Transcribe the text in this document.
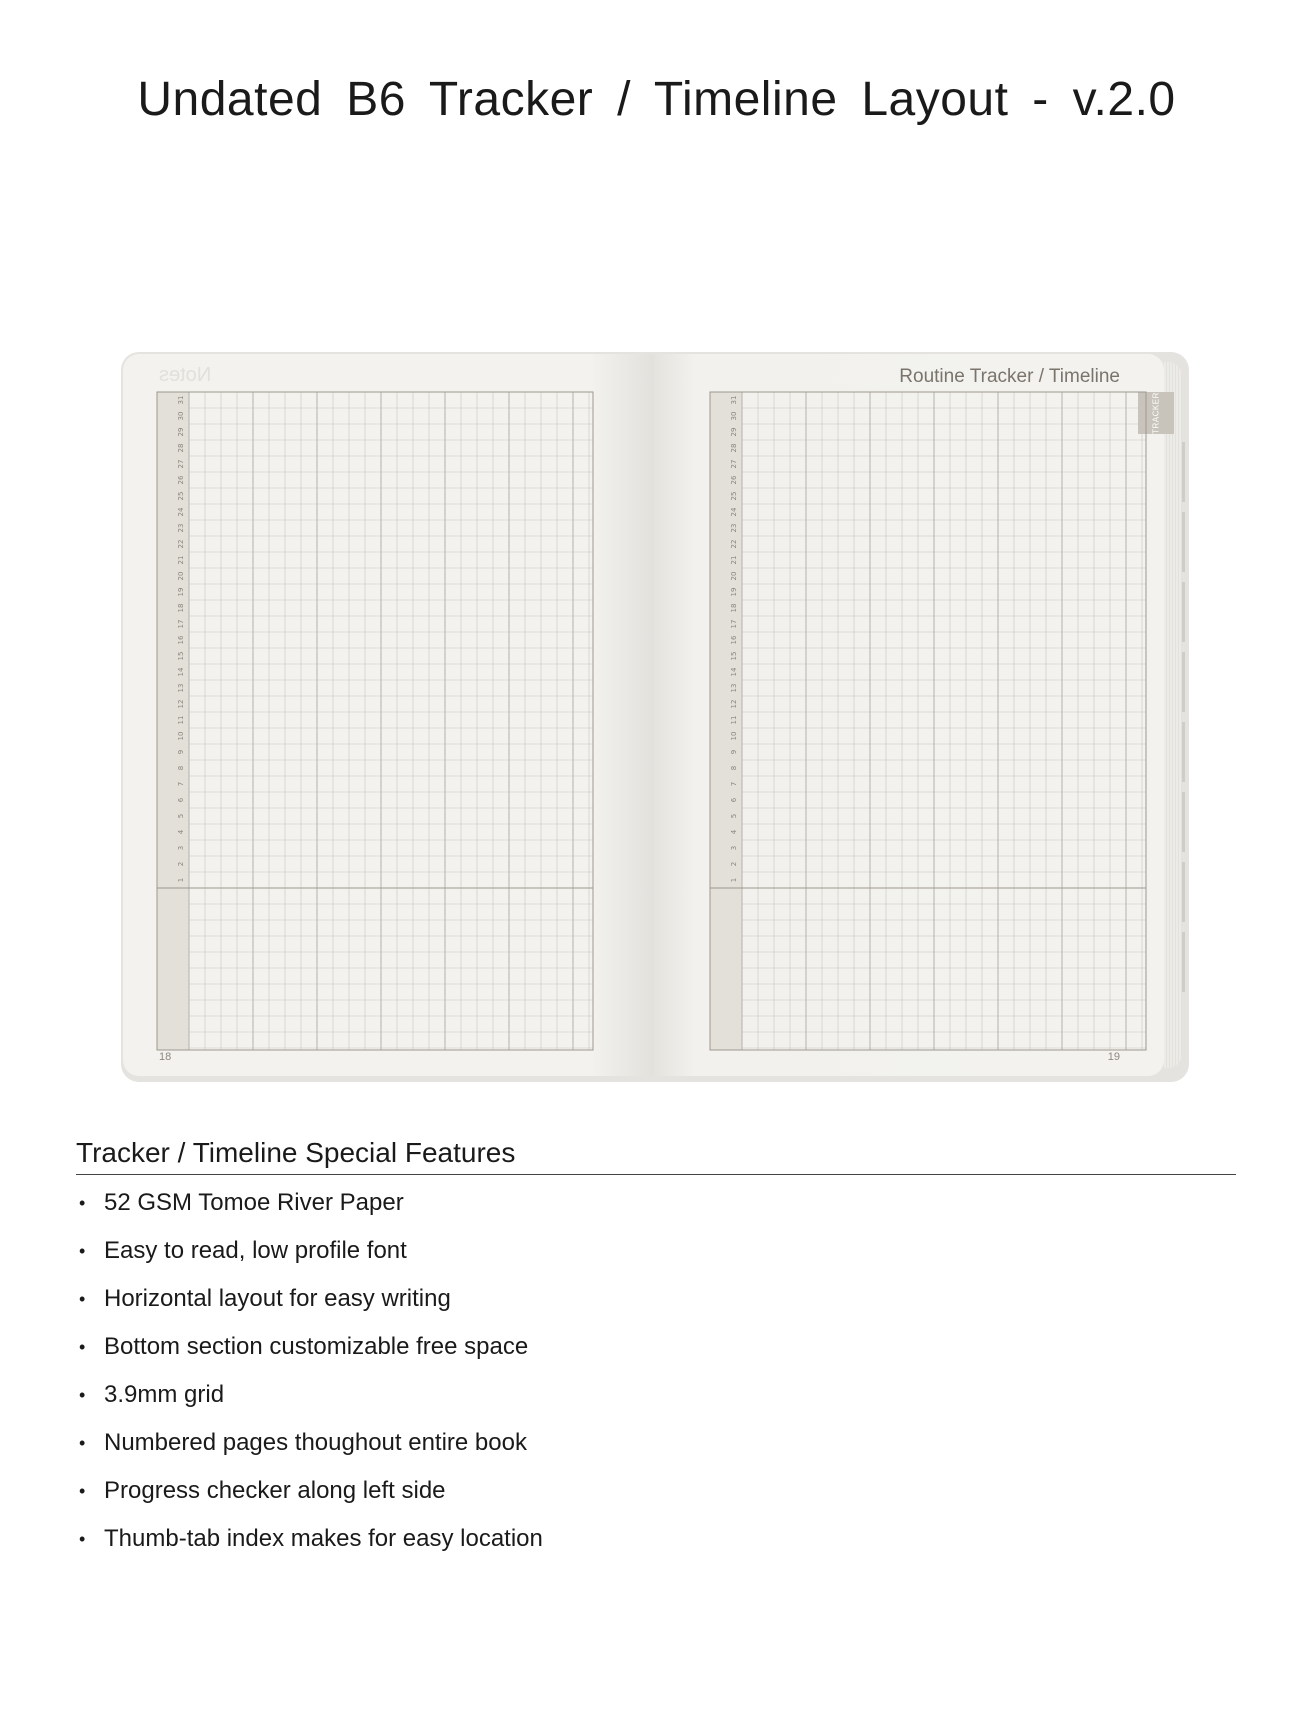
Undated B6 Tracker / Timeline Layout - v.2.0
Notes
18
Routine Tracker / Timeline
19
TRACKER
1
2
3
4
5
6
7
8
9
10
11
12
13
14
15
16
17
18
19
20
21
22
23
24
25
26
27
28
29
30
31
1
2
3
4
5
6
7
8
9
10
11
12
13
14
15
16
17
18
19
20
21
22
23
24
25
26
27
28
29
30
31
Tracker / Timeline Special Features
• 52 GSM Tomoe River Paper
• Easy to read, low profile font
• Horizontal layout for easy writing
• Bottom section customizable free space
• 3.9mm grid
• Numbered pages thoughout entire book
• Progress checker along left side
• Thumb-tab index makes for easy location
